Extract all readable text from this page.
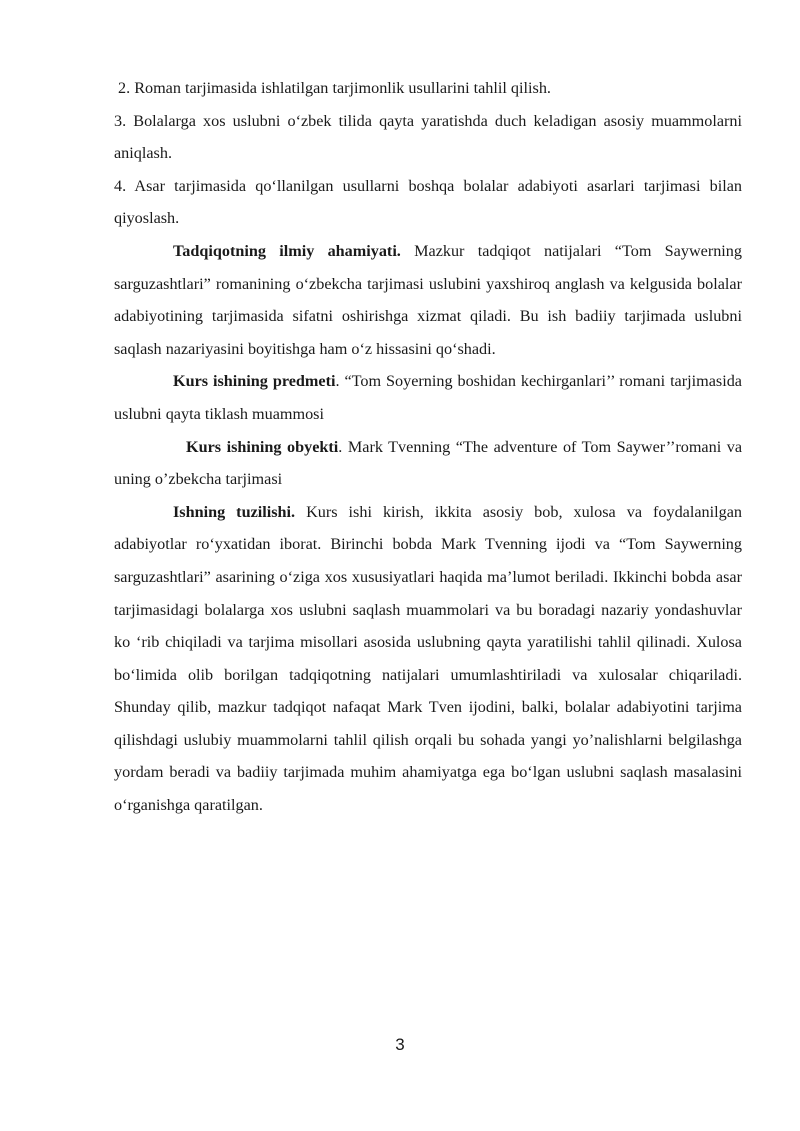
2. Roman tarjimasida ishlatilgan tarjimonlik usullarini tahlil qilish.

3. Bolalarga xos uslubni o‘zbek tilida qayta yaratishda duch keladigan asosiy muammolarni aniqlash.

4. Asar tarjimasida qo‘llanilgan usullarni boshqa bolalar adabiyoti asarlari tarjimasi bilan qiyoslash.

Tadqiqotning ilmiy ahamiyati. Mazkur tadqiqot natijalari “Tom Saywerning sarguzashtlari” romanining o‘zbekcha tarjimasi uslubini yaxshiroq anglash va kelgusida bolalar adabiyotining tarjimasida sifatni oshirishga xizmat qiladi. Bu ish badiiy tarjimada uslubni saqlash nazariyasini boyitishga ham o‘z hissasini qo‘shadi.

Kurs ishining predmeti. “Tom Soyerning boshidan kechirganlari’’ romani tarjimasida uslubni qayta tiklash muammosi

Kurs ishining obyekti. Mark Tvenning “The adventure of Tom Saywer’’romani va uning o’zbekcha tarjimasi

Ishning tuzilishi. Kurs ishi kirish, ikkita asosiy bob, xulosa va foydalanilgan adabiyotlar ro‘yxatidan iborat. Birinchi bobda Mark Tvenning ijodi va “Tom Saywerning sarguzashtlari” asarining o‘ziga xos xususiyatlari haqida ma’lumot beriladi. Ikkinchi bobda asar tarjimasidagi bolalarga xos uslubni saqlash muammolari va bu boradagi nazariy yondashuvlar ko ‘rib chiqiladi va tarjima misollari asosida uslubning qayta yaratilishi tahlil qilinadi. Xulosa bo‘limida olib borilgan tadqiqotning natijalari umumlashtiriladi va xulosalar chiqariladi. Shunday qilib, mazkur tadqiqot nafaqat Mark Tven ijodini, balki, bolalar adabiyotini tarjima qilishdagi uslubiy muammolarni tahlil qilish orqali bu sohada yangi yo’nalishlarni belgilashga yordam beradi va badiiy tarjimada muhim ahamiyatga ega bo‘lgan uslubni saqlash masalasini o‘rganishga qaratilgan.

3
